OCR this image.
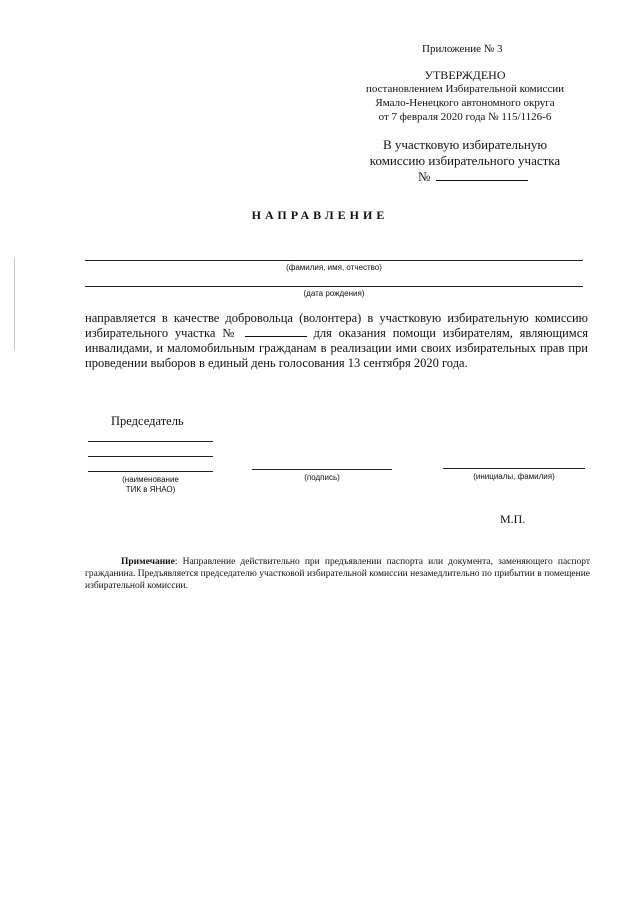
Приложение № 3
УТВЕРЖДЕНО
постановлением Избирательной комиссии
Ямало-Ненецкого автономного округа
от 7 февраля 2020 года № 115/1126-6
В участковую избирательную
комиссию избирательного участка
№
НАПРАВЛЕНИЕ
(фамилия, имя, отчество)
(дата рождения)
направляется в качестве добровольца (волонтера) в участковую избирательную комиссию избирательного участка №	для оказания помощи избирателям, являющимся инвалидами, и маломобильным гражданам в реализации ими своих избирательных прав при проведении выборов в единый день голосования 13 сентября 2020 года.
Председатель
(наименование
ТИК в ЯНАО)
(подпись)	(инициалы, фамилия)
М.П.
Примечание: Направление действительно при предъявлении паспорта или документа, заменяющего паспорт гражданина. Предъявляется председателю участковой избирательной комиссии незамедлительно по прибытии в помещение избирательной комиссии.
